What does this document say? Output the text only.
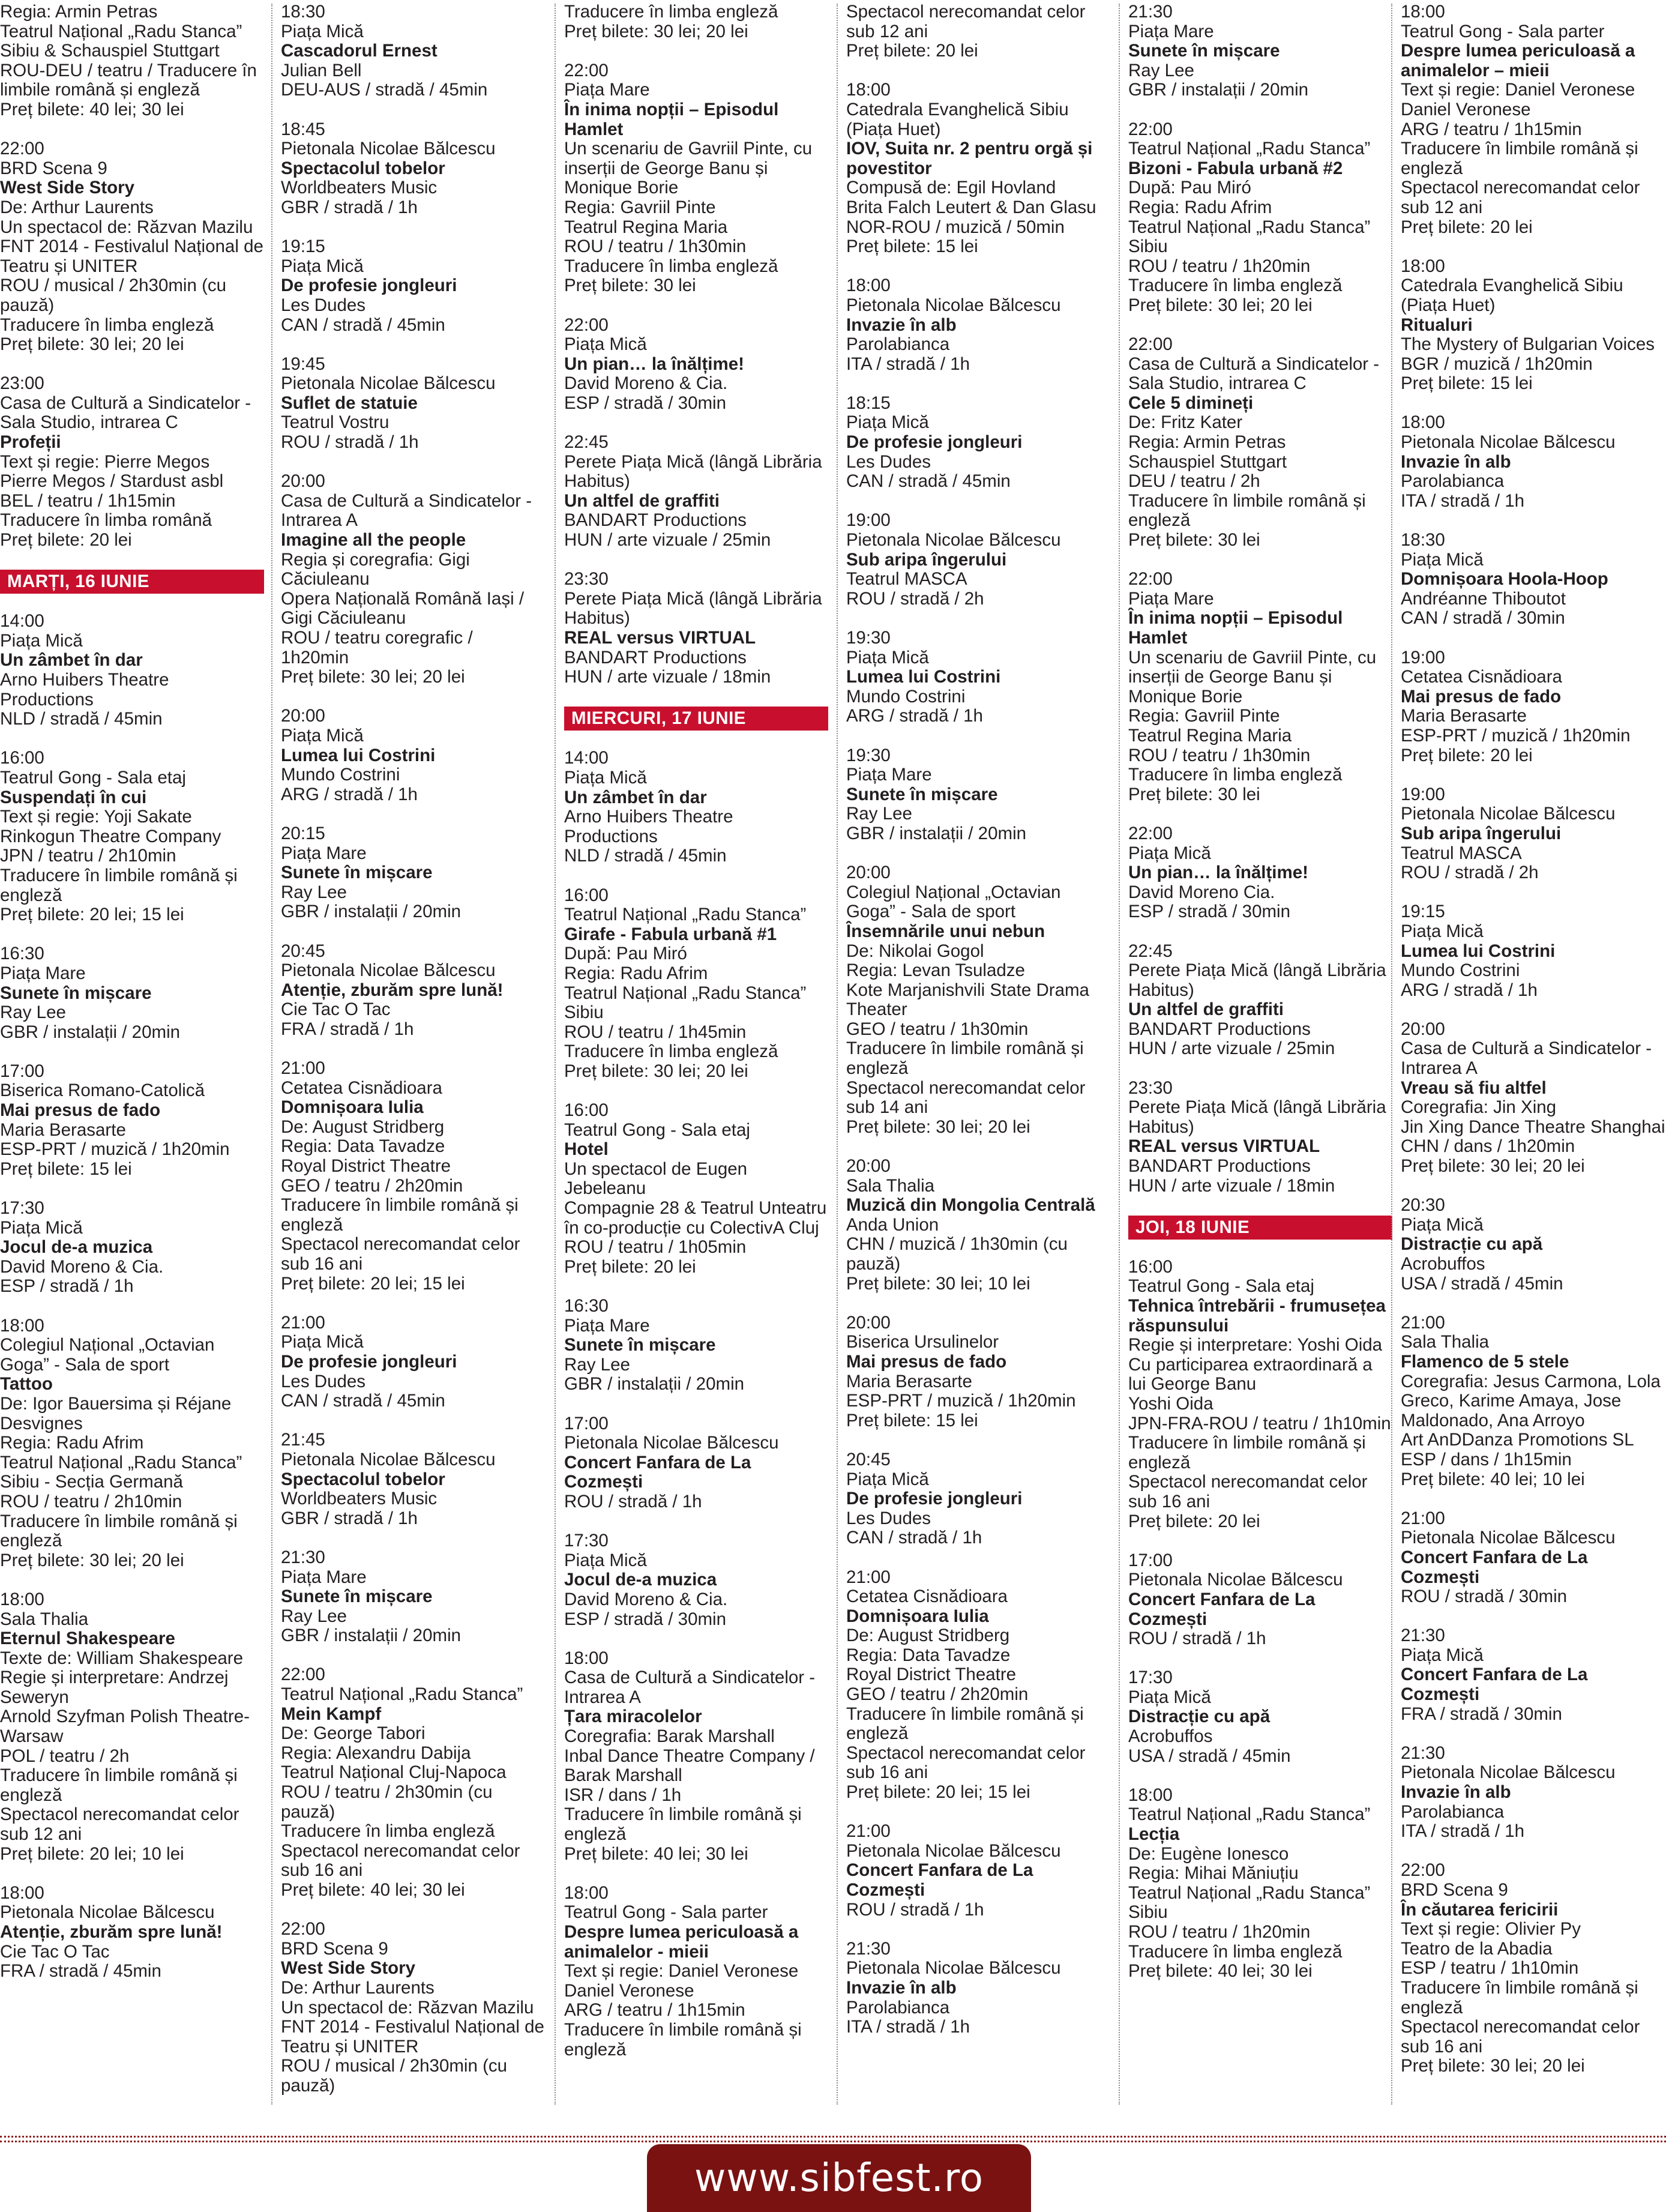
Regia: Armin Petras
Teatrul Național „Radu Stanca” Sibiu & Schauspiel Stuttgart
ROU-DEU / teatru / Traducere în limbile română și engleză
Preț bilete: 40 lei; 30 lei
22:00
BRD Scena 9
West Side Story
De: Arthur Laurents
Un spectacol de: Răzvan Mazilu
FNT 2014 - Festivalul Național de Teatru și UNITER
ROU / musical / 2h30min (cu pauză)
Traducere în limba engleză
Preț bilete: 30 lei; 20 lei
23:00
Casa de Cultură a Sindicatelor - Sala Studio, intrarea C
Profeții
Text și regie: Pierre Megos
Pierre Megos / Stardust asbl
BEL / teatru / 1h15min
Traducere în limba română
Preț bilete: 20 lei
MARȚI, 16 IUNIE
14:00
Piața Mică
Un zâmbet în dar
Arno Huibers Theatre Productions
NLD / stradă / 45min
16:00
Teatrul Gong - Sala etaj
Suspendați în cui
Text și regie: Yoji Sakate
Rinkogun Theatre Company
JPN / teatru / 2h10min
Traducere în limbile română și engleză
Preț bilete: 20 lei; 15 lei
16:30
Piața Mare
Sunete în mișcare
Ray Lee
GBR / instalații / 20min
17:00
Biserica Romano-Catolică
Mai presus de fado
Maria Berasarte
ESP-PRT / muzică / 1h20min
Preț bilete: 15 lei
17:30
Piața Mică
Jocul de-a muzica
David Moreno & Cia.
ESP / stradă / 1h
18:00
Colegiul Național „Octavian Goga” - Sala de sport
Tattoo
De: Igor Bauersima și Réjane Desvignes
Regia: Radu Afrim
Teatrul Național „Radu Stanca” Sibiu - Secția Germană
ROU / teatru / 2h10min
Traducere în limbile română și engleză
Preț bilete: 30 lei; 20 lei
18:00
Sala Thalia
Eternul Shakespeare
Texte de: William Shakespeare
Regie și interpretare: Andrzej Seweryn
Arnold Szyfman Polish Theatre-Warsaw
POL / teatru / 2h
Traducere în limbile română și engleză
Spectacol nerecomandat celor sub 12 ani
Preț bilete: 20 lei; 10 lei
18:00
Pietonala Nicolae Bălcescu
Atenție, zburăm spre lună!
Cie Tac O Tac
FRA / stradă / 45min
18:30
Piața Mică
Cascadorul Ernest
Julian Bell
DEU-AUS / stradă / 45min
18:45
Pietonala Nicolae Bălcescu
Spectacolul tobelor
Worldbeaters Music
GBR / stradă / 1h
19:15
Piața Mică
De profesie jongleuri
Les Dudes
CAN / stradă / 45min
19:45
Pietonala Nicolae Bălcescu
Suflet de statuie
Teatrul Vostru
ROU / stradă / 1h
20:00
Casa de Cultură a Sindicatelor - Intrarea A
Imagine all the people
Regia și coregrafia: Gigi Căciuleanu
Opera Națională Română Iași / Gigi Căciuleanu
ROU / teatru coregrafic / 1h20min
Preț bilete: 30 lei; 20 lei
20:00
Piața Mică
Lumea lui Costrini
Mundo Costrini
ARG / stradă / 1h
20:15
Piața Mare
Sunete în mișcare
Ray Lee
GBR / instalații / 20min
20:45
Pietonala Nicolae Bălcescu
Atenție, zburăm spre lună!
Cie Tac O Tac
FRA / stradă / 1h
21:00
Cetatea Cisnădioara
Domnișoara Iulia
De: August Stridberg
Regia: Data Tavadze
Royal District Theatre
GEO / teatru / 2h20min
Traducere în limbile română și engleză
Spectacol nerecomandat celor sub 16 ani
Preț bilete: 20 lei; 15 lei
21:00
Piața Mică
De profesie jongleuri
Les Dudes
CAN / stradă / 45min
21:45
Pietonala Nicolae Bălcescu
Spectacolul tobelor
Worldbeaters Music
GBR / stradă / 1h
21:30
Piața Mare
Sunete în mișcare
Ray Lee
GBR / instalații / 20min
22:00
Teatrul Național „Radu Stanca”
Mein Kampf
De: George Tabori
Regia: Alexandru Dabija
Teatrul Național Cluj-Napoca
ROU / teatru / 2h30min (cu pauză)
Traducere în limba engleză
Spectacol nerecomandat celor sub 16 ani
Preț bilete: 40 lei; 30 lei
22:00
BRD Scena 9
West Side Story
De: Arthur Laurents
Un spectacol de: Răzvan Mazilu
FNT 2014 - Festivalul Național de Teatru și UNITER
ROU / musical / 2h30min (cu pauză)
Traducere în limba engleză
Preț bilete: 30 lei; 20 lei
22:00
Piața Mare
În inima nopții – Episodul Hamlet
Un scenariu de Gavriil Pinte, cu inserții de George Banu și Monique Borie
Regia: Gavriil Pinte
Teatrul Regina Maria
ROU / teatru / 1h30min
Traducere în limba engleză
Preț bilete: 30 lei
22:00
Piața Mică
Un pian… la înălțime!
David Moreno & Cia.
ESP / stradă / 30min
22:45
Perete Piața Mică (lângă Librăria Habitus)
Un altfel de graffiti
BANDART Productions
HUN / arte vizuale / 25min
23:30
Perete Piața Mică (lângă Librăria Habitus)
REAL versus VIRTUAL
BANDART Productions
HUN / arte vizuale / 18min
MIERCURI, 17 IUNIE
14:00
Piața Mică
Un zâmbet în dar
Arno Huibers Theatre Productions
NLD / stradă / 45min
16:00
Teatrul Național „Radu Stanca”
Girafe - Fabula urbană #1
După: Pau Miró
Regia: Radu Afrim
Teatrul Național „Radu Stanca” Sibiu
ROU / teatru / 1h45min
Traducere în limba engleză
Preț bilete: 30 lei; 20 lei
16:00
Teatrul Gong - Sala etaj
Hotel
Un spectacol de Eugen Jebeleanu
Compagnie 28 & Teatrul Unteatru în co-producție cu ColectivA Cluj
ROU / teatru / 1h05min
Preț bilete: 20 lei
16:30
Piața Mare
Sunete în mișcare
Ray Lee
GBR / instalații / 20min
17:00
Pietonala Nicolae Bălcescu
Concert Fanfara de La Cozmești
ROU / stradă / 1h
17:30
Piața Mică
Jocul de-a muzica
David Moreno & Cia.
ESP / stradă / 30min
18:00
Casa de Cultură a Sindicatelor - Intrarea A
Țara miracolelor
Coregrafia: Barak Marshall
Inbal Dance Theatre Company / Barak Marshall
ISR / dans / 1h
Traducere în limbile română și engleză
Preț bilete: 40 lei; 30 lei
18:00
Teatrul Gong - Sala parter
Despre lumea periculoasă a animalelor - mieii
Text și regie: Daniel Veronese
Daniel Veronese
ARG / teatru / 1h15min
Traducere în limbile română și engleză
Spectacol nerecomandat celor sub 12 ani
Preț bilete: 20 lei
18:00
Catedrala Evanghelică Sibiu (Piața Huet)
IOV, Suita nr. 2 pentru orgă și povestitor
Compusă de: Egil Hovland
Brita Falch Leutert & Dan Glasu
NOR-ROU / muzică / 50min
Preț bilete: 15 lei
18:00
Pietonala Nicolae Bălcescu
Invazie în alb
Parolabianca
ITA / stradă / 1h
18:15
Piața Mică
De profesie jongleuri
Les Dudes
CAN / stradă / 45min
19:00
Pietonala Nicolae Bălcescu
Sub aripa îngerului
Teatrul MASCA
ROU / stradă / 2h
19:30
Piața Mică
Lumea lui Costrini
Mundo Costrini
ARG / stradă / 1h
19:30
Piața Mare
Sunete în mișcare
Ray Lee
GBR / instalații / 20min
20:00
Colegiul Național „Octavian Goga” - Sala de sport
Însemnările unui nebun
De: Nikolai Gogol
Regia: Levan Tsuladze
Kote Marjanishvili State Drama Theater
GEO / teatru / 1h30min
Traducere în limbile română și engleză
Spectacol nerecomandat celor sub 14 ani
Preț bilete: 30 lei; 20 lei
20:00
Sala Thalia
Muzică din Mongolia Centrală
Anda Union
CHN / muzică / 1h30min (cu pauză)
Preț bilete: 30 lei; 10 lei
20:00
Biserica Ursulinelor
Mai presus de fado
Maria Berasarte
ESP-PRT / muzică / 1h20min
Preț bilete: 15 lei
20:45
Piața Mică
De profesie jongleuri
Les Dudes
CAN / stradă / 1h
21:00
Cetatea Cisnădioara
Domnișoara Iulia
De: August Stridberg
Regia: Data Tavadze
Royal District Theatre
GEO / teatru / 2h20min
Traducere în limbile română și engleză
Spectacol nerecomandat celor sub 16 ani
Preț bilete: 20 lei; 15 lei
21:00
Pietonala Nicolae Bălcescu
Concert Fanfara de La Cozmești
ROU / stradă / 1h
21:30
Pietonala Nicolae Bălcescu
Invazie în alb
Parolabianca
ITA / stradă / 1h
21:30
Piața Mare
Sunete în mișcare
Ray Lee
GBR / instalații / 20min
22:00
Teatrul Național „Radu Stanca”
Bizoni - Fabula urbană #2
După: Pau Miró
Regia: Radu Afrim
Teatrul Național „Radu Stanca” Sibiu
ROU / teatru / 1h20min
Traducere în limba engleză
Preț bilete: 30 lei; 20 lei
22:00
Casa de Cultură a Sindicatelor - Sala Studio, intrarea C
Cele 5 dimineți
De: Fritz Kater
Regia: Armin Petras
Schauspiel Stuttgart
DEU / teatru / 2h
Traducere în limbile română și engleză
Preț bilete: 30 lei
22:00
Piața Mare
În inima nopții – Episodul Hamlet
Un scenariu de Gavriil Pinte, cu inserții de George Banu și Monique Borie
Regia: Gavriil Pinte
Teatrul Regina Maria
ROU / teatru / 1h30min
Traducere în limba engleză
Preț bilete: 30 lei
22:00
Piața Mică
Un pian… la înălțime!
David Moreno Cia.
ESP / stradă / 30min
22:45
Perete Piața Mică (lângă Librăria Habitus)
Un altfel de graffiti
BANDART Productions
HUN / arte vizuale / 25min
23:30
Perete Piața Mică (lângă Librăria Habitus)
REAL versus VIRTUAL
BANDART Productions
HUN / arte vizuale / 18min
JOI, 18 IUNIE
16:00
Teatrul Gong - Sala etaj
Tehnica întrebării - frumusețea răspunsului
Regie și interpretare: Yoshi Oida
Cu participarea extraordinară a lui George Banu
Yoshi Oida
JPN-FRA-ROU / teatru / 1h10min
Traducere în limbile română și engleză
Spectacol nerecomandat celor sub 16 ani
Preț bilete: 20 lei
17:00
Pietonala Nicolae Bălcescu
Concert Fanfara de La Cozmești
ROU / stradă / 1h
17:30
Piața Mică
Distracție cu apă
Acrobuffos
USA / stradă / 45min
18:00
Teatrul Național „Radu Stanca”
Lecția
De: Eugène Ionesco
Regia: Mihai Măniuțiu
Teatrul Național „Radu Stanca” Sibiu
ROU / teatru / 1h20min
Traducere în limba engleză
Preț bilete: 40 lei; 30 lei
18:00
Teatrul Gong - Sala parter
Despre lumea periculoasă a animalelor – mieii
Text și regie: Daniel Veronese
Daniel Veronese
ARG / teatru / 1h15min
Traducere în limbile română și engleză
Spectacol nerecomandat celor sub 12 ani
Preț bilete: 20 lei
18:00
Catedrala Evanghelică Sibiu (Piața Huet)
Ritualuri
The Mystery of Bulgarian Voices
BGR / muzică / 1h20min
Preț bilete: 15 lei
18:00
Pietonala Nicolae Bălcescu
Invazie în alb
Parolabianca
ITA / stradă / 1h
18:30
Piața Mică
Domnișoara Hoola-Hoop
Andréanne Thiboutot
CAN / stradă / 30min
19:00
Cetatea Cisnădioara
Mai presus de fado
Maria Berasarte
ESP-PRT / muzică / 1h20min
Preț bilete: 20 lei
19:00
Pietonala Nicolae Bălcescu
Sub aripa îngerului
Teatrul MASCA
ROU / stradă / 2h
19:15
Piața Mică
Lumea lui Costrini
Mundo Costrini
ARG / stradă / 1h
20:00
Casa de Cultură a Sindicatelor - Intrarea A
Vreau să fiu altfel
Coregrafia: Jin Xing
Jin Xing Dance Theatre Shanghai
CHN / dans / 1h20min
Preț bilete: 30 lei; 20 lei
20:30
Piața Mică
Distracție cu apă
Acrobuffos
USA / stradă / 45min
21:00
Sala Thalia
Flamenco de 5 stele
Coregrafia: Jesus Carmona, Lola Greco, Karime Amaya, Jose Maldonado, Ana Arroyo
Art AnDDanza Promotions SL
ESP / dans / 1h15min
Preț bilete: 40 lei; 10 lei
21:00
Pietonala Nicolae Bălcescu
Concert Fanfara de La Cozmești
ROU / stradă / 30min
21:30
Piața Mică
Concert Fanfara de La Cozmești
FRA / stradă / 30min
21:30
Pietonala Nicolae Bălcescu
Invazie în alb
Parolabianca
ITA / stradă / 1h
22:00
BRD Scena 9
În căutarea fericirii
Text și regie: Olivier Py
Teatro de la Abadia
ESP / teatru / 1h10min
Traducere în limbile română și engleză
Spectacol nerecomandat celor sub 16 ani
Preț bilete: 30 lei; 20 lei
www.sibfest.ro
